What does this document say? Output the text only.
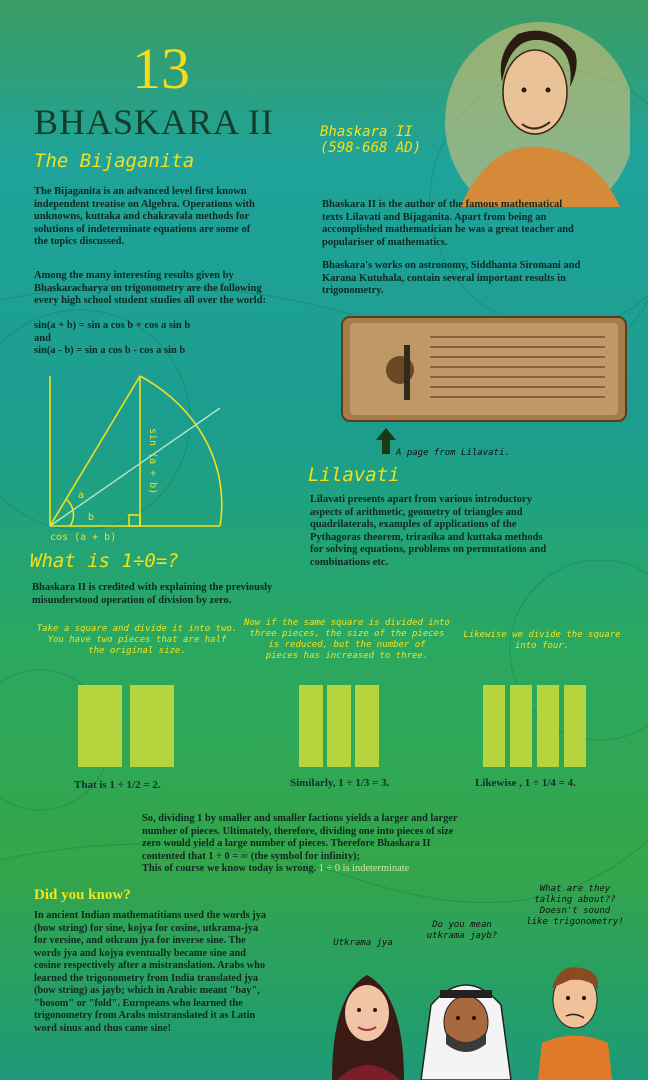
13
BHASKARA II	Bhaskara II
(598-668 AD)
The Bijaganita
The Bijaganita is an advanced level first known
independent treatise on Algebra. Operations with
unknowns, kuttaka and chakravala methods for
solutions of indeterminate equations are some of
the topics discussed.
Among the many interesting results given by
Bhaskaracharya on trigonometry are the following
every high school student studies all over the world:
sin(a + b) = sin a cos b + cos a sin b
and
sin(a - b) = sin a cos b - cos a sin b
sin (a + b)
cos (a + b)
a
b
Bhaskara II is the author of the famous mathematical
texts Lilavati and Bijaganita. Apart from being an
accomplished mathematician he was a great teacher and
populariser of mathematics.
Bhaskara's works on astronomy, Siddhanta Siromani and
Karana Kutuhala, contain several important results in
trigonometry.
A page from Lilavati.
Lilavati
Lilavati presents apart from various introductory
aspects of arithmetic, geometry of triangles and
quadrilaterals, examples of applications of the
Pythagoras theorem, trirasika and kuttaka methods
for solving equations, problems on permutations and
combinations etc.
What is 1÷0=?
Bhaskara II is credited with explaining the previously
misunderstood operation of division by zero.
Take a square and divide it into two.
You have two pieces that are half
the original size.
Now if the same square is divided into
three pieces, the size of the pieces
is reduced, but the number of
pieces has increased to three.
Likewise we divide the square
into four.
That is 1 ÷ 1/2 = 2.	Similarly, 1 ÷ 1/3 = 3.	Likewise , 1 ÷ 1/4 = 4.
So, dividing 1 by smaller and smaller factions yields a larger and larger
number of pieces. Ultimately, therefore, dividing one into pieces of size
zero would yield a large number of pieces. Therefore Bhaskara II
contented that 1 ÷ 0 = ∞ (the symbol for infinity);
This of course we know today is wrong. 1 ÷ 0 is indeterminate
Did you know?
In ancient Indian mathematitians used the words jya
(bow string) for sine, kojya for cosine, utkrama-jya
for versine, and otkram jya for inverse sine. The
words jya and kojya eventually became sine and
cosine respectively after a mistranslation. Arabs who
learned the trigonometry from India translated jya
(bow string) as jayb; which in Arabic meant "bay",
"bosom" or "fold". Europeans who learned the
trigonometry from Arabs mistranslated it as Latin
word sinus and thus came sine!
Utkrama jya
Do you mean
utkrama jayb?
What are they
talking about??
Doesn't sound
like trigonometry!
